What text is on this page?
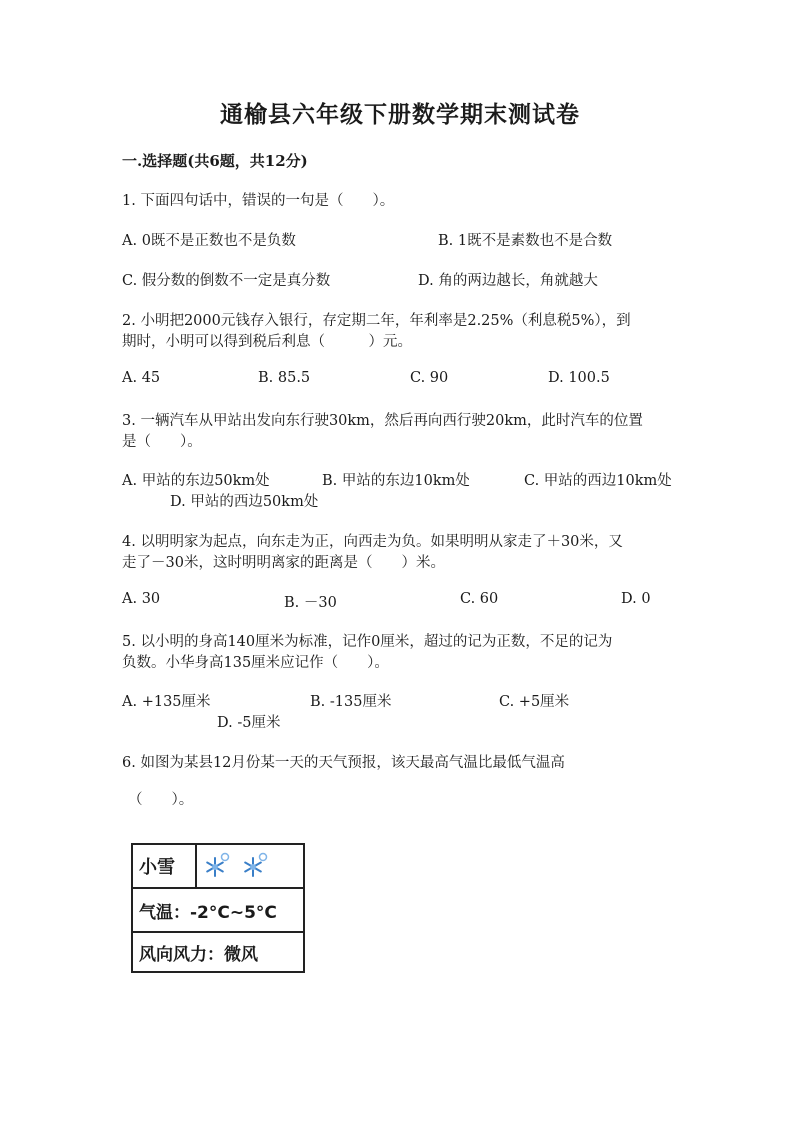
通榆县六年级下册数学期末测试卷
一.选择题(共6题，共12分)
1. 下面四句话中，错误的一句是（　　）。
A. 0既不是正数也不是负数	B. 1既不是素数也不是合数
C. 假分数的倒数不一定是真分数	D. 角的两边越长，角就越大
2. 小明把2000元钱存入银行，存定期二年，年利率是2.25%（利息税5%），到
期时，小明可以得到税后利息（　　　）元。
A. 45	B. 85.5	C. 90	D. 100.5
3. 一辆汽车从甲站出发向东行驶30km，然后再向西行驶20km，此时汽车的位置
是（　　）。
A. 甲站的东边50km处	B. 甲站的东边10km处	C. 甲站的西边10km处
D. 甲站的西边50km处
4. 以明明家为起点，向东走为正，向西走为负。如果明明从家走了＋30米，又
走了－30米，这时明明离家的距离是（　　）米。
A. 30	B. －30	C. 60	D. 0
5. 以小明的身高140厘米为标准，记作0厘米，超过的记为正数，不足的记为
负数。小华身高135厘米应记作（　　）。
A. +135厘米	B. -135厘米	C. +5厘米
D. -5厘米
6. 如图为某县12月份某一天的天气预报，该天最高气温比最低气温高
（　　）。
小雪
气温：-2°C~5°C
风向风力：微风
